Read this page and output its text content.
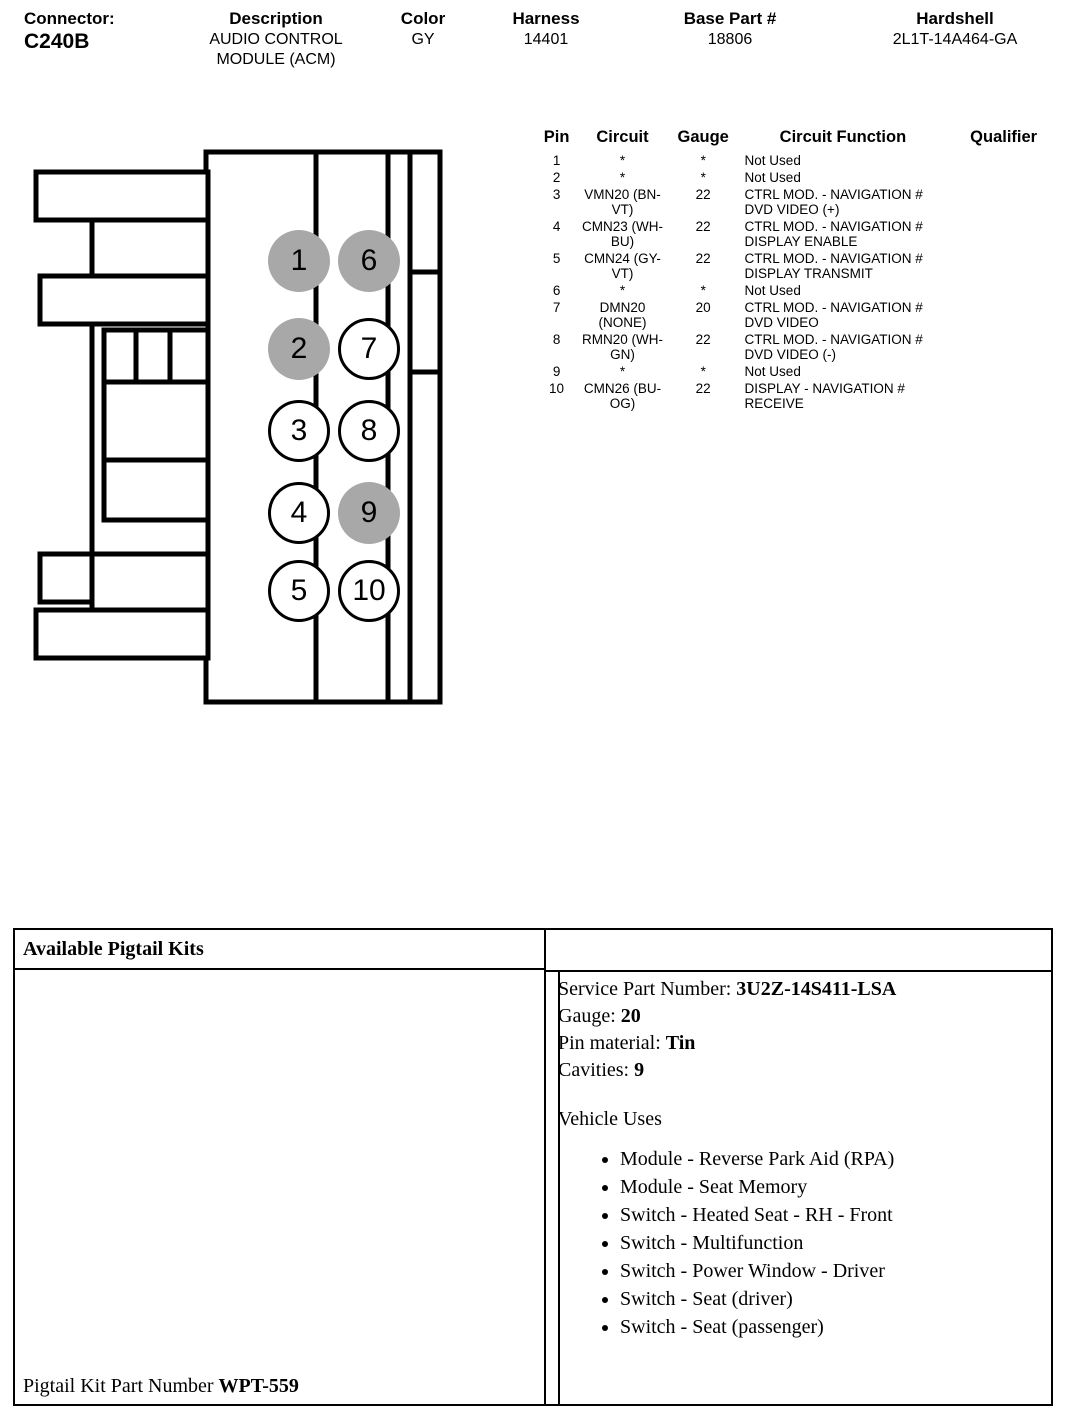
Connector:
C240B
Description
AUDIO CONTROL MODULE (ACM)
Color
GY
Harness
14401
Base Part #
18806
Hardshell
2L1T-14A464-GA
1 6
2 7
3 8
4 9
5 10
Pin	Circuit	Gauge	Circuit Function	Qualifier
1	*	*	Not Used	
2	*	*	Not Used	
3	VMN20 (BN-VT)	22	CTRL MOD. - NAVIGATION # DVD VIDEO (+)	
4	CMN23 (WH-BU)	22	CTRL MOD. - NAVIGATION # DISPLAY ENABLE	
5	CMN24 (GY-VT)	22	CTRL MOD. - NAVIGATION # DISPLAY TRANSMIT	
6	*	*	Not Used	
7	DMN20 (NONE)	20	CTRL MOD. - NAVIGATION # DVD VIDEO	
8	RMN20 (WH-GN)	22	CTRL MOD. - NAVIGATION # DVD VIDEO (-)	
9	*	*	Not Used	
10	CMN26 (BU-OG)	22	DISPLAY - NAVIGATION # RECEIVE	
Available Pigtail Kits
Pigtail Kit Part Number WPT-559
Service Part Number: 3U2Z-14S411-LSA
Gauge: 20
Pin material: Tin
Cavities: 9
Vehicle Uses
• Module - Reverse Park Aid (RPA)
• Module - Seat Memory
• Switch - Heated Seat - RH - Front
• Switch - Multifunction
• Switch - Power Window - Driver
• Switch - Seat (driver)
• Switch - Seat (passenger)
